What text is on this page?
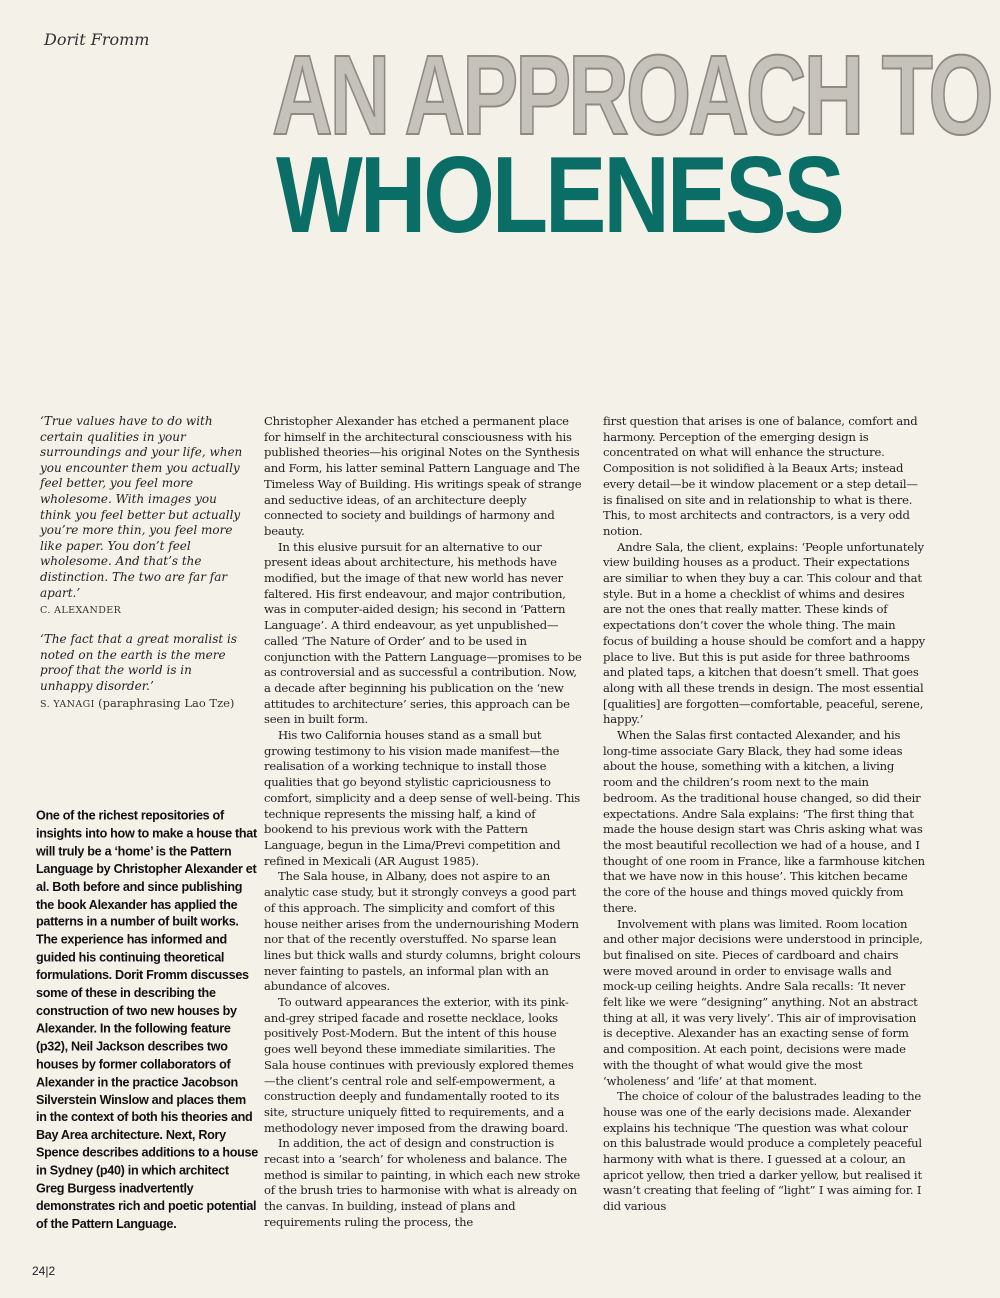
Dorit Fromm AN APPROACH TO
WHOLENESS

‘True values have to do with certain qualities in your surroundings and your life, when you encounter them you actually feel better, you feel more wholesome. With images you think you feel better but actually you’re more thin, you feel more like paper. You don’t feel wholesome. And that’s the distinction. The two are far far apart.’

C. ALEXANDER

‘The fact that a great moralist is noted on the earth is the mere proof that the world is in unhappy disorder.’

S. YANAGI (paraphrasing Lao Tze)
One of the richest repositories of insights into how to make a house that will truly be a ‘home’ is the Pattern Language by Christopher Alexander et al. Both before and since publishing the book Alexander has applied the patterns in a number of built works. The experience has informed and guided his continuing theoretical formulations. Dorit Fromm discusses some of these in describing the construction of two new houses by Alexander. In the following feature (p32), Neil Jackson describes two houses by former collaborators of Alexander in the practice Jacobson Silverstein Winslow and places them in the context of both his theories and Bay Area architecture. Next, Rory Spence describes additions to a house in Sydney (p40) in which architect Greg Burgess inadvertently demonstrates rich and poetic potential of the Pattern Language.

Christopher Alexander has etched a permanent place for himself in the architectural consciousness with his published theories—his original Notes on the Synthesis and Form, his latter seminal Pattern Language and The Timeless Way of Building. His writings speak of strange and seductive ideas, of an architecture deeply connected to society and buildings of harmony and beauty.

In this elusive pursuit for an alternative to our present ideas about architecture, his methods have modified, but the image of that new world has never faltered. His first endeavour, and major contribution, was in computer-aided design; his second in ‘Pattern Language’. A third endeavour, as yet unpublished—called ‘The Nature of Order’ and to be used in conjunction with the Pattern Language—promises to be as controversial and as successful a contribution. Now, a decade after beginning his publication on the ‘new attitudes to architecture’ series, this approach can be seen in built form.

His two California houses stand as a small but growing testimony to his vision made manifest—the realisation of a working technique to install those qualities that go beyond stylistic capriciousness to comfort, simplicity and a deep sense of well-being. This technique represents the missing half, a kind of bookend to his previous work with the Pattern Language, begun in the Lima/Previ competition and refined in Mexicali (AR August 1985).

The Sala house, in Albany, does not aspire to an analytic case study, but it strongly conveys a good part of this approach. The simplicity and comfort of this house neither arises from the undernourishing Modern nor that of the recently overstuffed. No sparse lean lines but thick walls and sturdy columns, bright colours never fainting to pastels, an informal plan with an abundance of alcoves.

To outward appearances the exterior, with its pink-and-grey striped facade and rosette necklace, looks positively Post-Modern. But the intent of this house goes well beyond these immediate similarities. The Sala house continues with previously explored themes—the client’s central role and self-empowerment, a construction deeply and fundamentally rooted to its site, structure uniquely fitted to requirements, and a methodology never imposed from the drawing board.

In addition, the act of design and construction is recast into a ‘search’ for wholeness and balance. The method is similar to painting, in which each new stroke of the brush tries to harmonise with what is already on the canvas. In building, instead of plans and requirements ruling the process, the

first question that arises is one of balance, comfort and harmony. Perception of the emerging design is concentrated on what will enhance the structure. Composition is not solidified à la Beaux Arts; instead every detail—be it window placement or a step detail—is finalised on site and in relationship to what is there. This, to most architects and contractors, is a very odd notion.

Andre Sala, the client, explains: ‘People unfortunately view building houses as a product. Their expectations are similiar to when they buy a car. This colour and that style. But in a home a checklist of whims and desires are not the ones that really matter. These kinds of expectations don’t cover the whole thing. The main focus of building a house should be comfort and a happy place to live. But this is put aside for three bathrooms and plated taps, a kitchen that doesn’t smell. That goes along with all these trends in design. The most essential [qualities] are forgotten—comfortable, peaceful, serene, happy.’

When the Salas first contacted Alexander, and his long-time associate Gary Black, they had some ideas about the house, something with a kitchen, a living room and the children’s room next to the main bedroom. As the traditional house changed, so did their expectations. Andre Sala explains: ‘The first thing that made the house design start was Chris asking what was the most beautiful recollection we had of a house, and I thought of one room in France, like a farmhouse kitchen that we have now in this house’. This kitchen became the core of the house and things moved quickly from there.

Involvement with plans was limited. Room location and other major decisions were understood in principle, but finalised on site. Pieces of cardboard and chairs were moved around in order to envisage walls and mock-up ceiling heights. Andre Sala recalls: ‘It never felt like we were “designing” anything. Not an abstract thing at all, it was very lively’. This air of improvisation is deceptive. Alexander has an exacting sense of form and composition. At each point, decisions were made with the thought of what would give the most ‘wholeness’ and ‘life’ at that moment.

The choice of colour of the balustrades leading to the house was one of the early decisions made. Alexander explains his technique ‘The question was what colour on this balustrade would produce a completely peaceful harmony with what is there. I guessed at a colour, an apricot yellow, then tried a darker yellow, but realised it wasn’t creating that feeling of “light” I was aiming for. I did various

24|2
